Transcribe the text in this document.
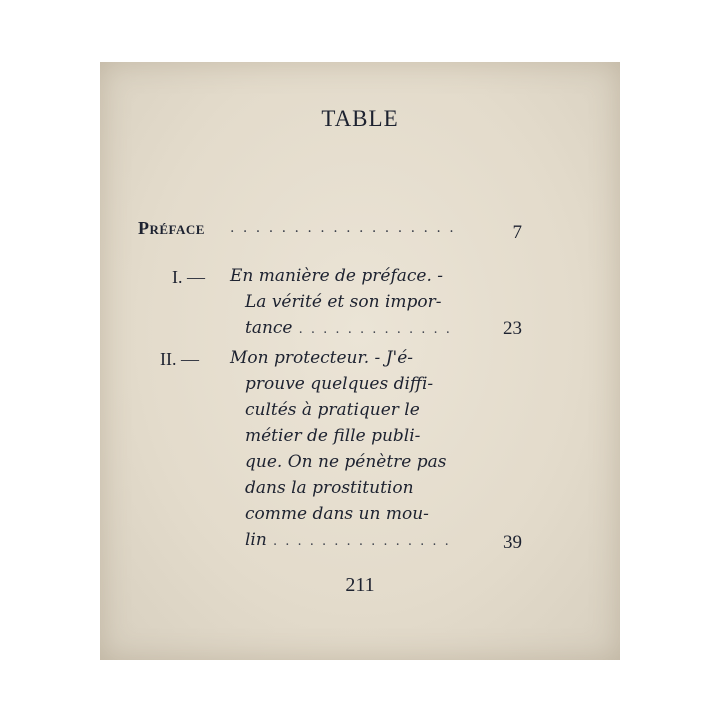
TABLE
Préface . . . . . . . . . . . . . . . . . .	7
I. — En manière de préface. -
La vérité et son impor-
tance . . . . . . . . . . . . .	23
II. — Mon protecteur. - J'é-
prouve quelques diffi-
cultés à pratiquer le
métier de fille publi-
que. On ne pénètre pas
dans la prostitution
comme dans un mou-
lin . . . . . . . . . . . . . . .	39
211
